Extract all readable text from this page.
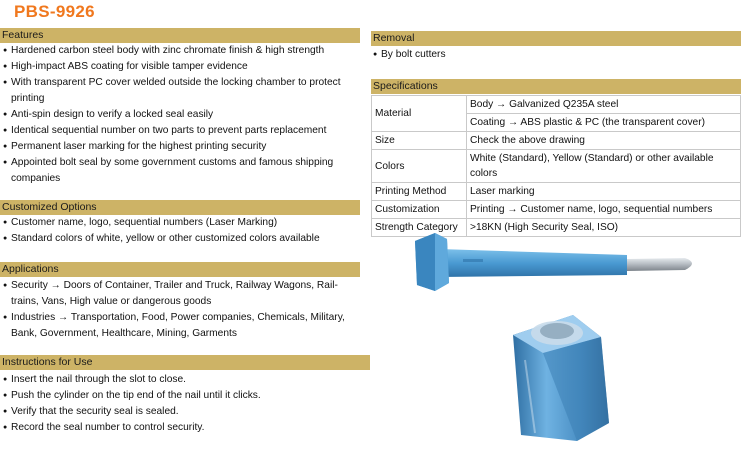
PBS-9926
Features
● Hardened carbon steel body with zinc chromate finish & high strength
● High-impact ABS coating for visible tamper evidence
● With transparent PC cover welded outside the locking chamber to protect printing
● Anti-spin design to verify a locked seal easily
● Identical sequential number on two parts to prevent parts replacement
● Permanent laser marking for the highest printing security
● Appointed bolt seal by some government customs and famous shipping companies
Customized Options
● Customer name, logo, sequential numbers (Laser Marking)
● Standard colors of white, yellow or other customized colors available
Applications
● Security → Doors of Container, Trailer and Truck, Railway Wagons, Rail-trains, Vans, High value or dangerous goods
● Industries → Transportation, Food, Power companies, Chemicals, Military, Bank, Government, Healthcare, Mining, Garments
Instructions for Use
● Insert the nail through the slot to close.
● Push the cylinder on the tip end of the nail until it clicks.
● Verify that the security seal is sealed.
● Record the seal number to control security.
Removal
● By bolt cutters
Specifications
Material	Body → Galvanized Q235A steel
	Coating → ABS plastic & PC (the transparent cover)
Size	Check the above drawing
Colors	White (Standard), Yellow (Standard) or other available colors
Printing Method	Laser marking
Customization	Printing → Customer name, logo, sequential numbers
Strength Category	>18KN (High Security Seal, ISO)
